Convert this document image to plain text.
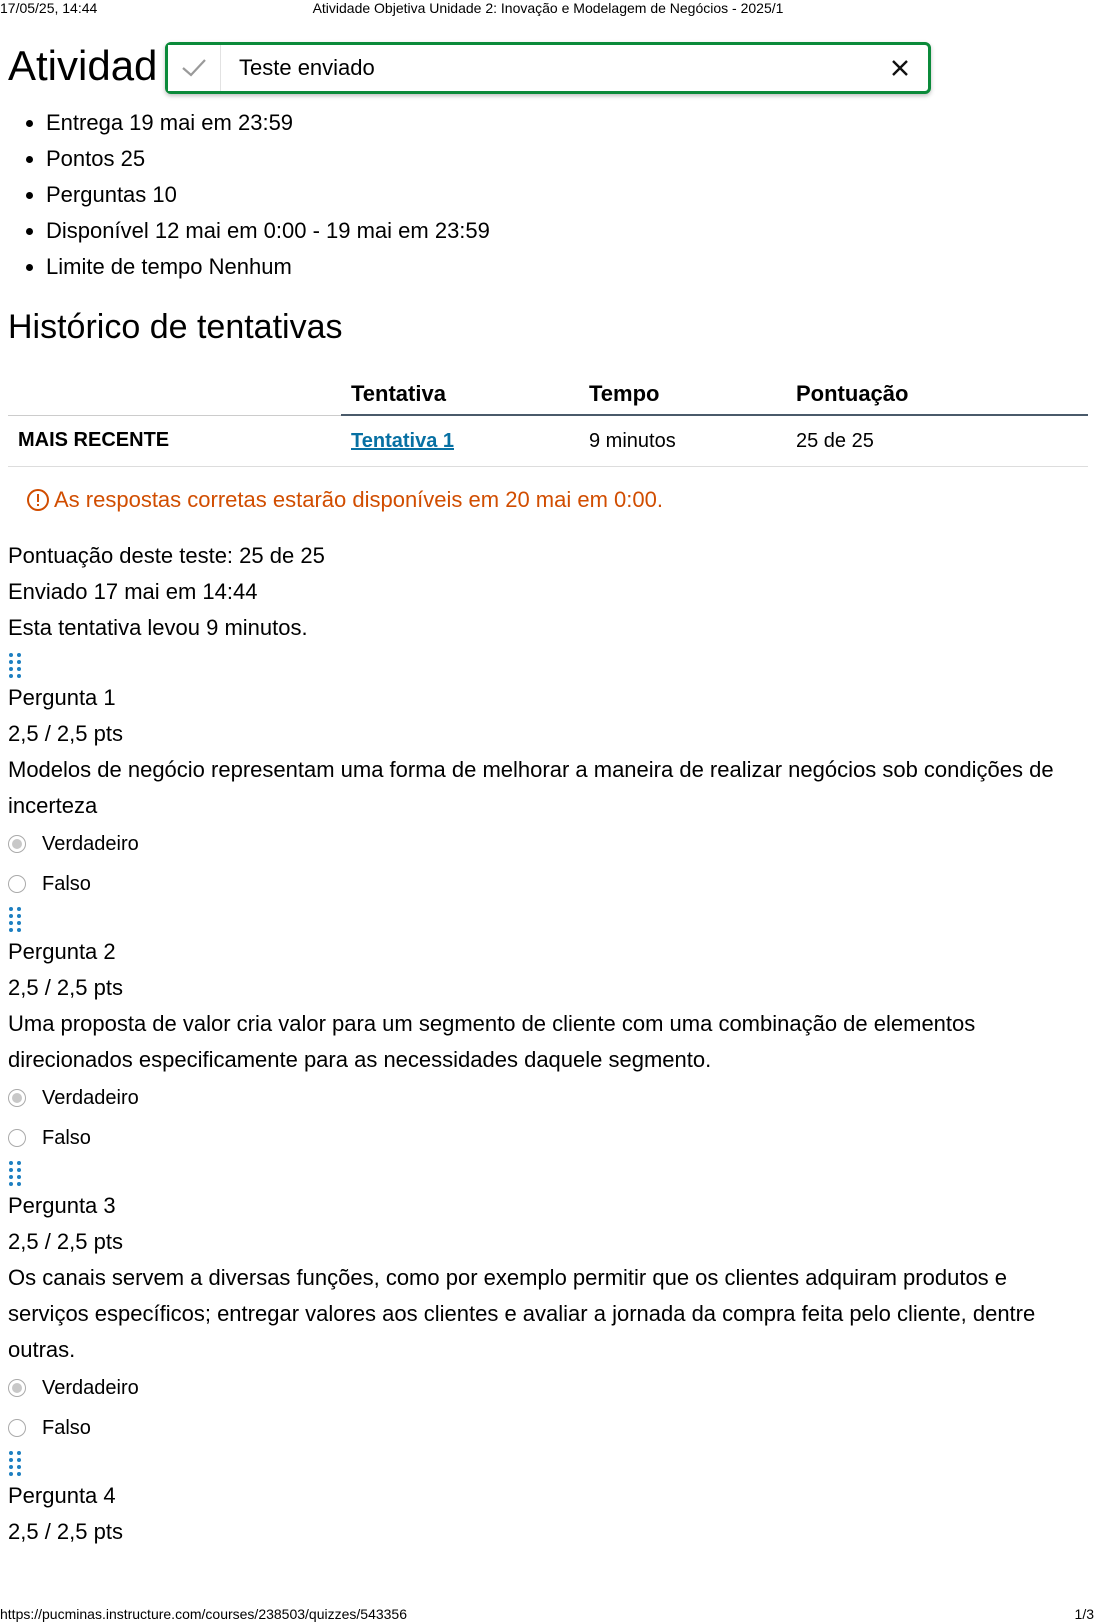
17/05/25, 14:44	Atividade Objetiva Unidade 2: Inovação e Modelagem de Negócios - 2025/1
Atividad	Teste enviado
• Entrega 19 mai em 23:59
• Pontos 25
• Perguntas 10
• Disponível 12 mai em 0:00 - 19 mai em 23:59
• Limite de tempo Nenhum
Histórico de tentativas
	Tentativa	Tempo	Pontuação
MAIS RECENTE	Tentativa 1	9 minutos	25 de 25
As respostas corretas estarão disponíveis em 20 mai em 0:00.
Pontuação deste teste: 25 de 25
Enviado 17 mai em 14:44
Esta tentativa levou 9 minutos.
Pergunta 1
2,5 / 2,5 pts
Modelos de negócio representam uma forma de melhorar a maneira de realizar negócios sob condições de incerteza
Verdadeiro
Falso
Pergunta 2
2,5 / 2,5 pts
Uma proposta de valor cria valor para um segmento de cliente com uma combinação de elementos direcionados especificamente para as necessidades daquele segmento.
Verdadeiro
Falso
Pergunta 3
2,5 / 2,5 pts
Os canais servem a diversas funções, como por exemplo permitir que os clientes adquiram produtos e serviços específicos; entregar valores aos clientes e avaliar a jornada da compra feita pelo cliente, dentre outras.
Verdadeiro
Falso
Pergunta 4
2,5 / 2,5 pts
https://pucminas.instructure.com/courses/238503/quizzes/543356	1/3
